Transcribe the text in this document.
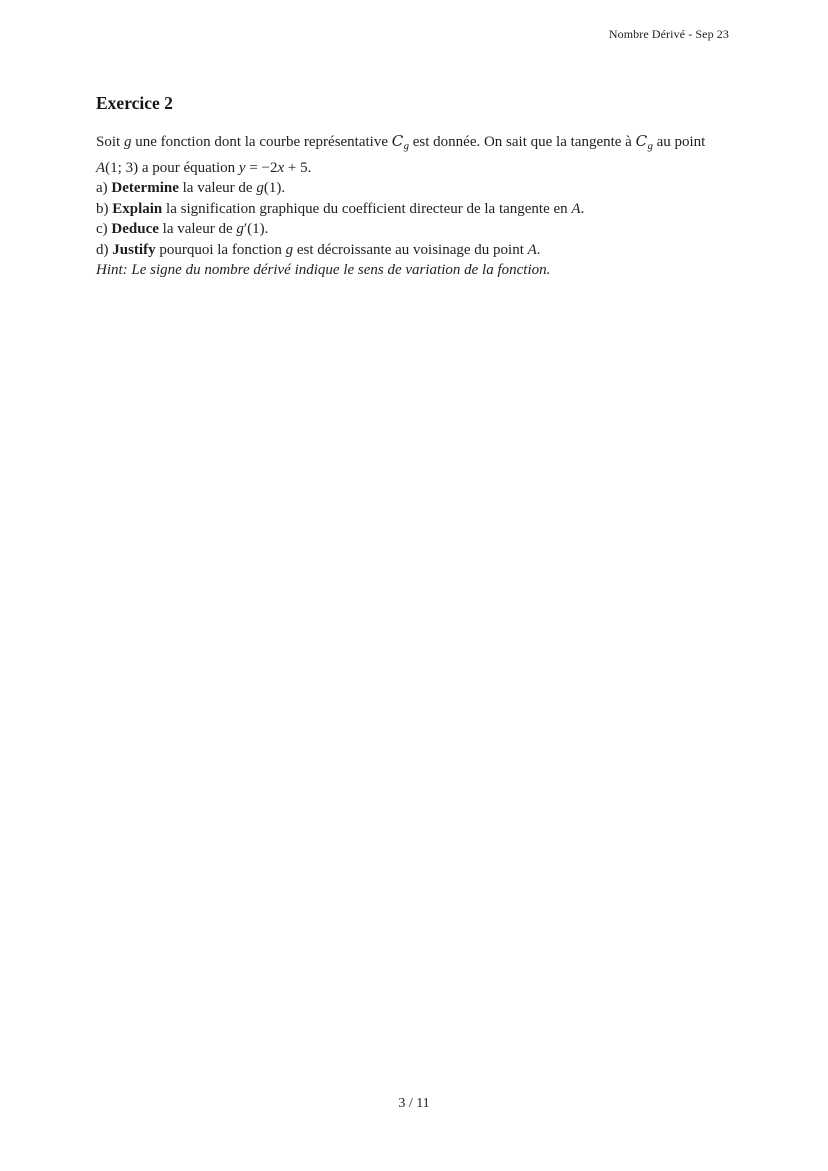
Nombre Dérivé - Sep 23
Exercice 2
Soit g une fonction dont la courbe représentative $C_g$ est donnée. On sait que la tangente à $C_g$ au point
A(1; 3) a pour équation y = −2x + 5.
a) Determine la valeur de g(1).
b) Explain la signification graphique du coefficient directeur de la tangente en A.
c) Deduce la valeur de g′(1).
d) Justify pourquoi la fonction g est décroissante au voisinage du point A.
Hint: Le signe du nombre dérivé indique le sens de variation de la fonction.
3 / 11
